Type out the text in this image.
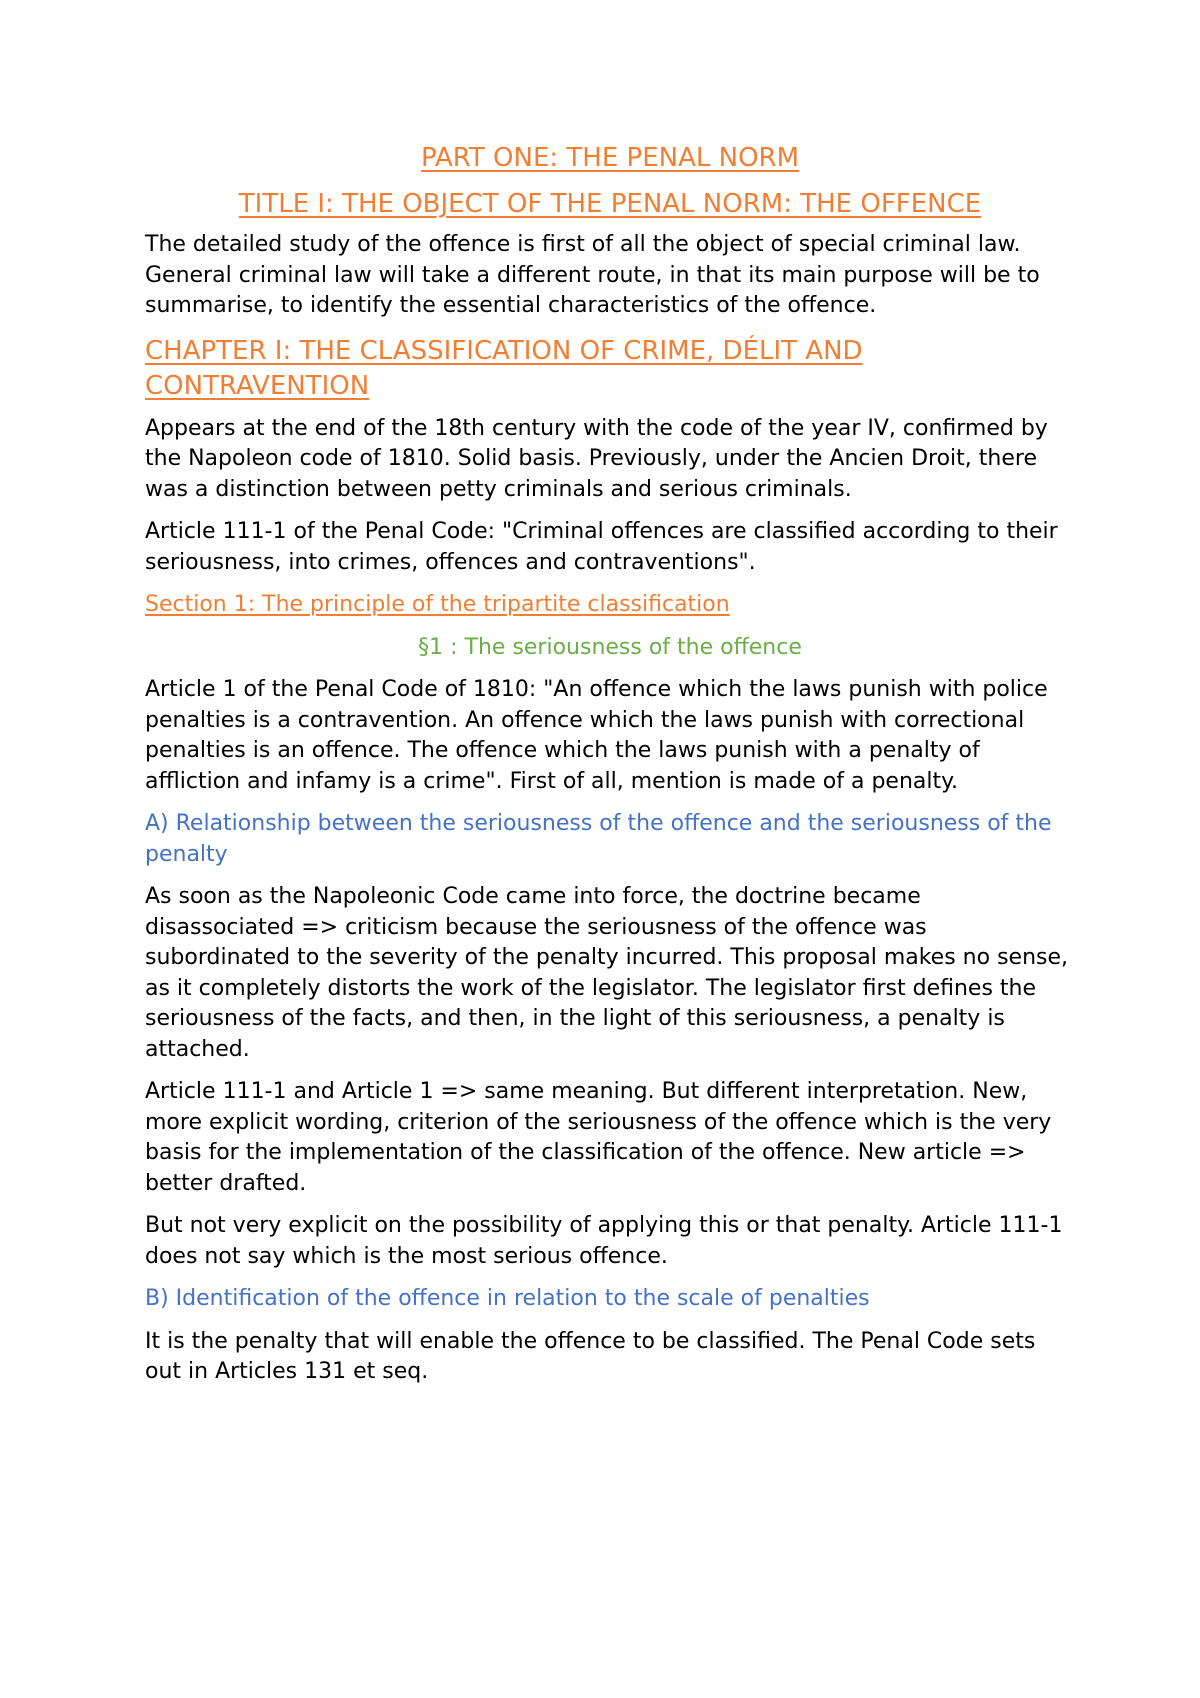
PART ONE: THE PENAL NORM
TITLE I: THE OBJECT OF THE PENAL NORM: THE OFFENCE

The detailed study of the offence is first of all the object of special criminal law. General criminal law will take a different route, in that its main purpose will be to summarise, to identify the essential characteristics of the offence.

CHAPTER I: THE CLASSIFICATION OF CRIME, DÉLIT AND CONTRAVENTION

Appears at the end of the 18th century with the code of the year IV, confirmed by the Napoleon code of 1810. Solid basis. Previously, under the Ancien Droit, there was a distinction between petty criminals and serious criminals.

Article 111-1 of the Penal Code: "Criminal offences are classified according to their seriousness, into crimes, offences and contraventions".

Section 1: The principle of the tripartite classification
§1 : The seriousness of the offence

Article 1 of the Penal Code of 1810: "An offence which the laws punish with police penalties is a contravention. An offence which the laws punish with correctional penalties is an offence. The offence which the laws punish with a penalty of affliction and infamy is a crime". First of all, mention is made of a penalty.

A) Relationship between the seriousness of the offence and the seriousness of the penalty

As soon as the Napoleonic Code came into force, the doctrine became disassociated => criticism because the seriousness of the offence was subordinated to the severity of the penalty incurred. This proposal makes no sense, as it completely distorts the work of the legislator. The legislator first defines the seriousness of the facts, and then, in the light of this seriousness, a penalty is attached.

Article 111-1 and Article 1 => same meaning. But different interpretation. New, more explicit wording, criterion of the seriousness of the offence which is the very basis for the implementation of the classification of the offence. New article => better drafted.

But not very explicit on the possibility of applying this or that penalty. Article 111-1 does not say which is the most serious offence.

B) Identification of the offence in relation to the scale of penalties

It is the penalty that will enable the offence to be classified. The Penal Code sets out in Articles 131 et seq.
